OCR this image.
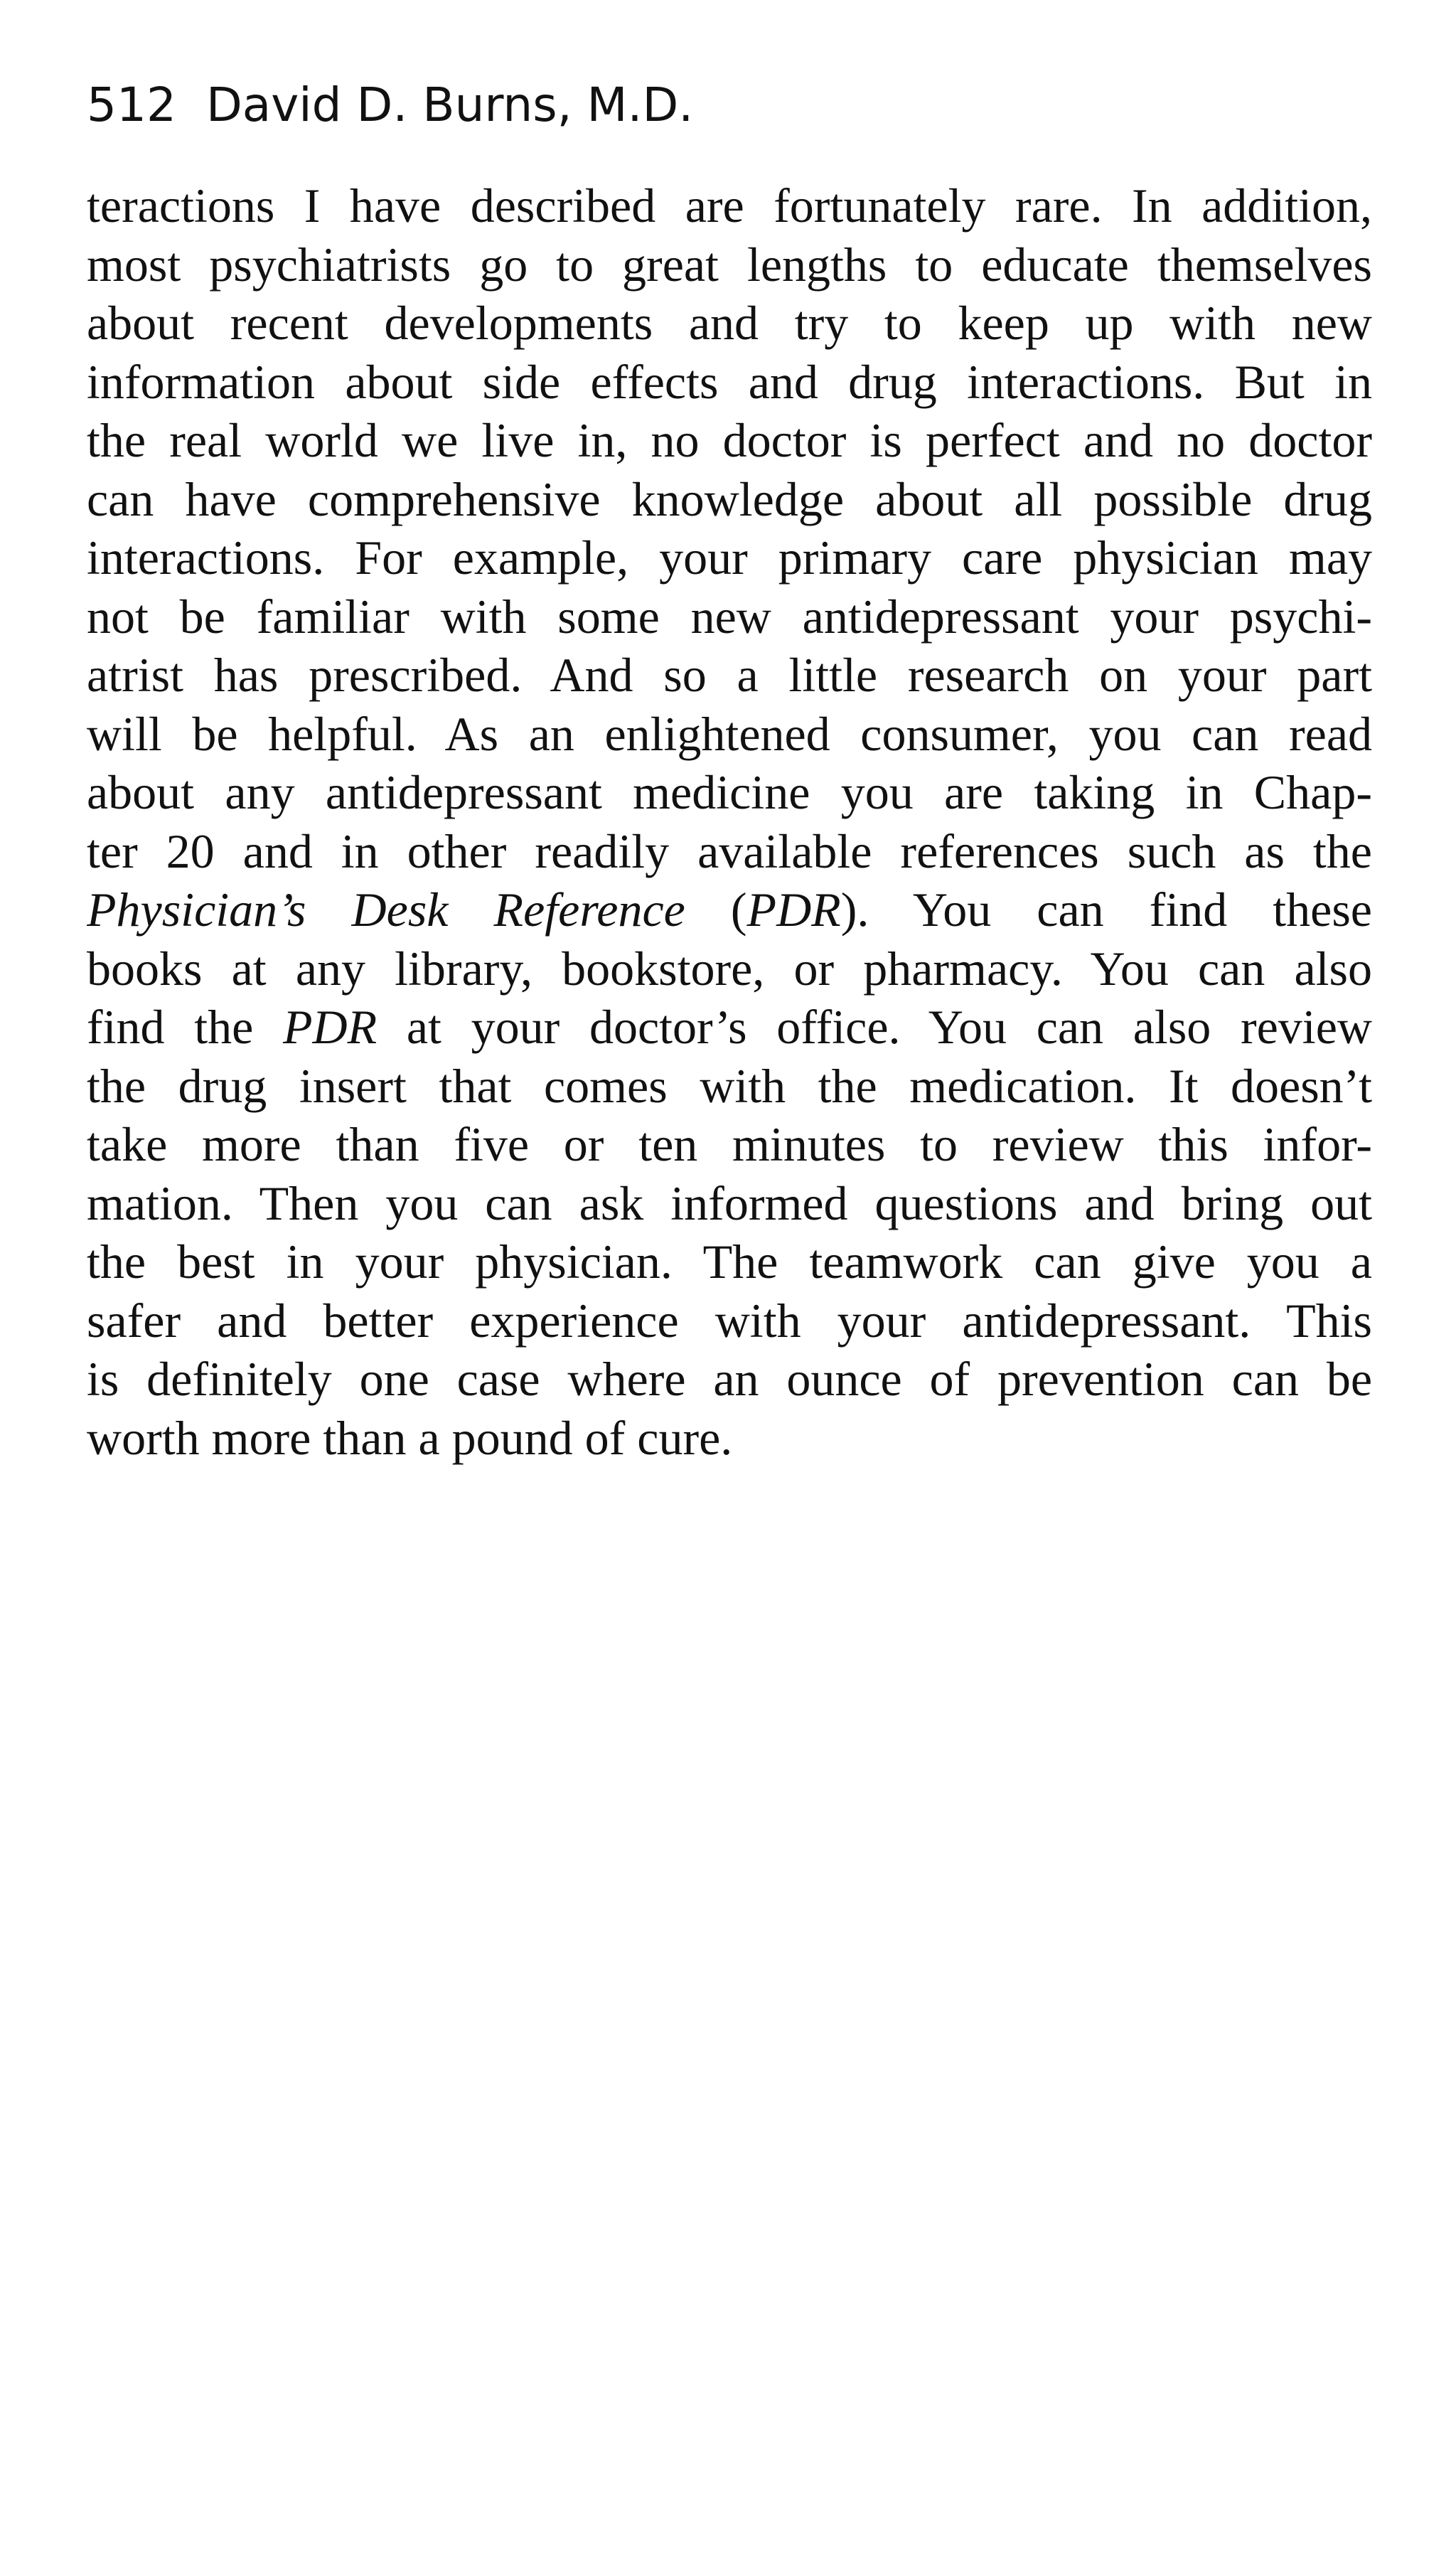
512 David D. Burns, M.D.
teractions I have described are fortunately rare. In addition,
most psychiatrists go to great lengths to educate themselves
about recent developments and try to keep up with new
information about side effects and drug interactions. But in
the real world we live in, no doctor is perfect and no doctor
can have comprehensive knowledge about all possible drug
interactions. For example, your primary care physician may
not be familiar with some new antidepressant your psychi-
atrist has prescribed. And so a little research on your part
will be helpful. As an enlightened consumer, you can read
about any antidepressant medicine you are taking in Chap-
ter 20 and in other readily available references such as the
Physician’s Desk Reference (PDR). You can find these
books at any library, bookstore, or pharmacy. You can also
find the PDR at your doctor’s office. You can also review
the drug insert that comes with the medication. It doesn’t
take more than five or ten minutes to review this infor-
mation. Then you can ask informed questions and bring out
the best in your physician. The teamwork can give you a
safer and better experience with your antidepressant. This
is definitely one case where an ounce of prevention can be
worth more than a pound of cure.
